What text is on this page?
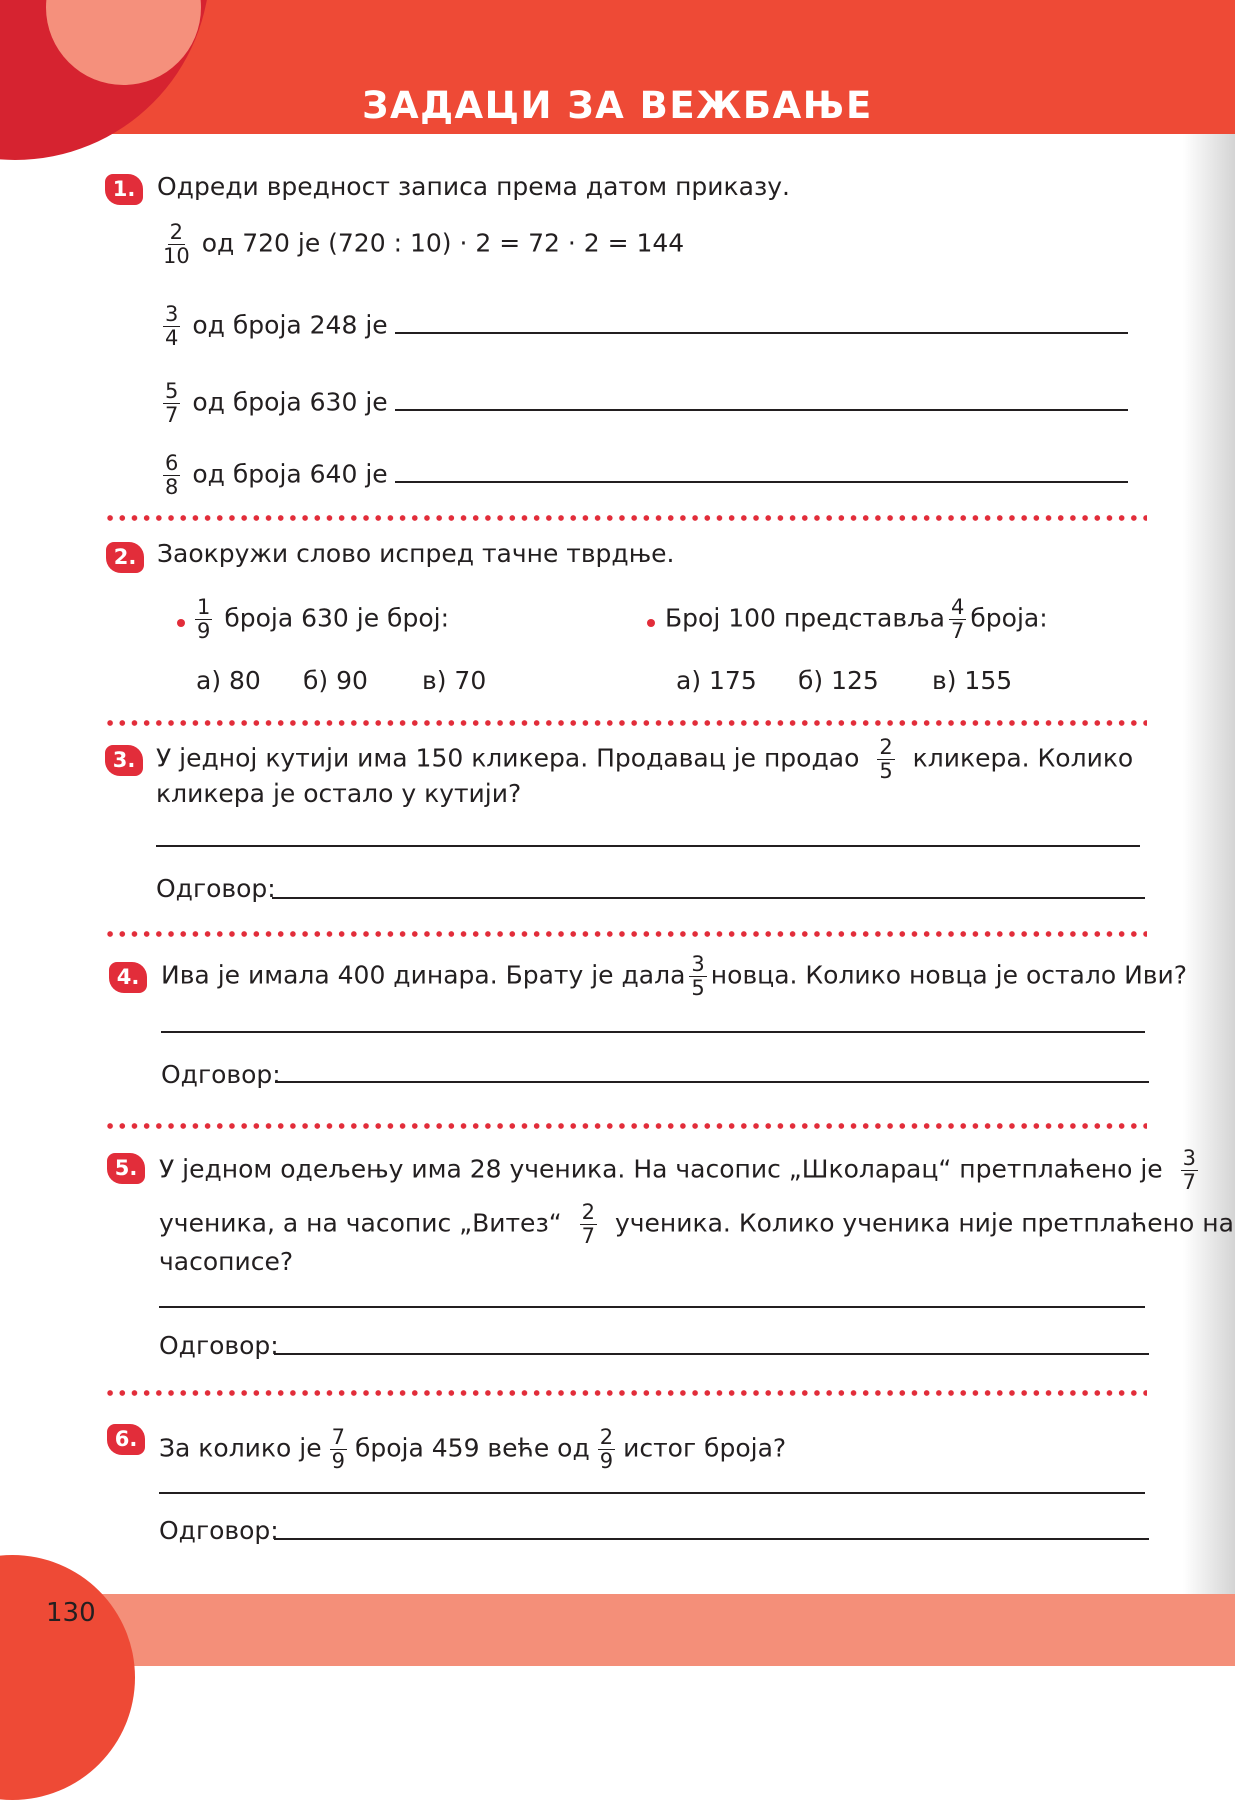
ЗАДАЦИ ЗА ВЕЖБАЊЕ
130
1. Одреди вредност записа према датом приказу.
$\frac{2}{10}$ од 720 је (720 : 10) · 2 = 72 · 2 = 144
$\frac{3}{4}$ од броја 248 је
$\frac{5}{7}$ од броја 630 је
$\frac{6}{8}$ од броја 640 је
2. Заокружи слово испред тачне тврдње.
$\frac{1}{9}$ броја 630 је број:
а) 80 б) 90 в) 70
Број 100 представља $\frac{4}{7}$ броја:
а) 175 б) 125 в) 155
3. У једној кутији има 150 кликера. Продавац је продао $\frac{2}{5}$ кликера. Колико
кликера је остало у кутији?
Одговор:
4. Ива је имала 400 динара. Брату је дала $\frac{3}{5}$ новца. Колико новца је остало Иви?
Одговор:
5. У једном одељењу има 28 ученика. На часопис „Школарац“ претплаћено је $\frac{3}{7}$
ученика, а на часопис „Витез“ $\frac{2}{7}$ ученика. Колико ученика није претплаћено на
часописе?
Одговор:
6. За колико је $\frac{7}{9}$ броја 459 веће од $\frac{2}{9}$ истог броја?
Одговор:
